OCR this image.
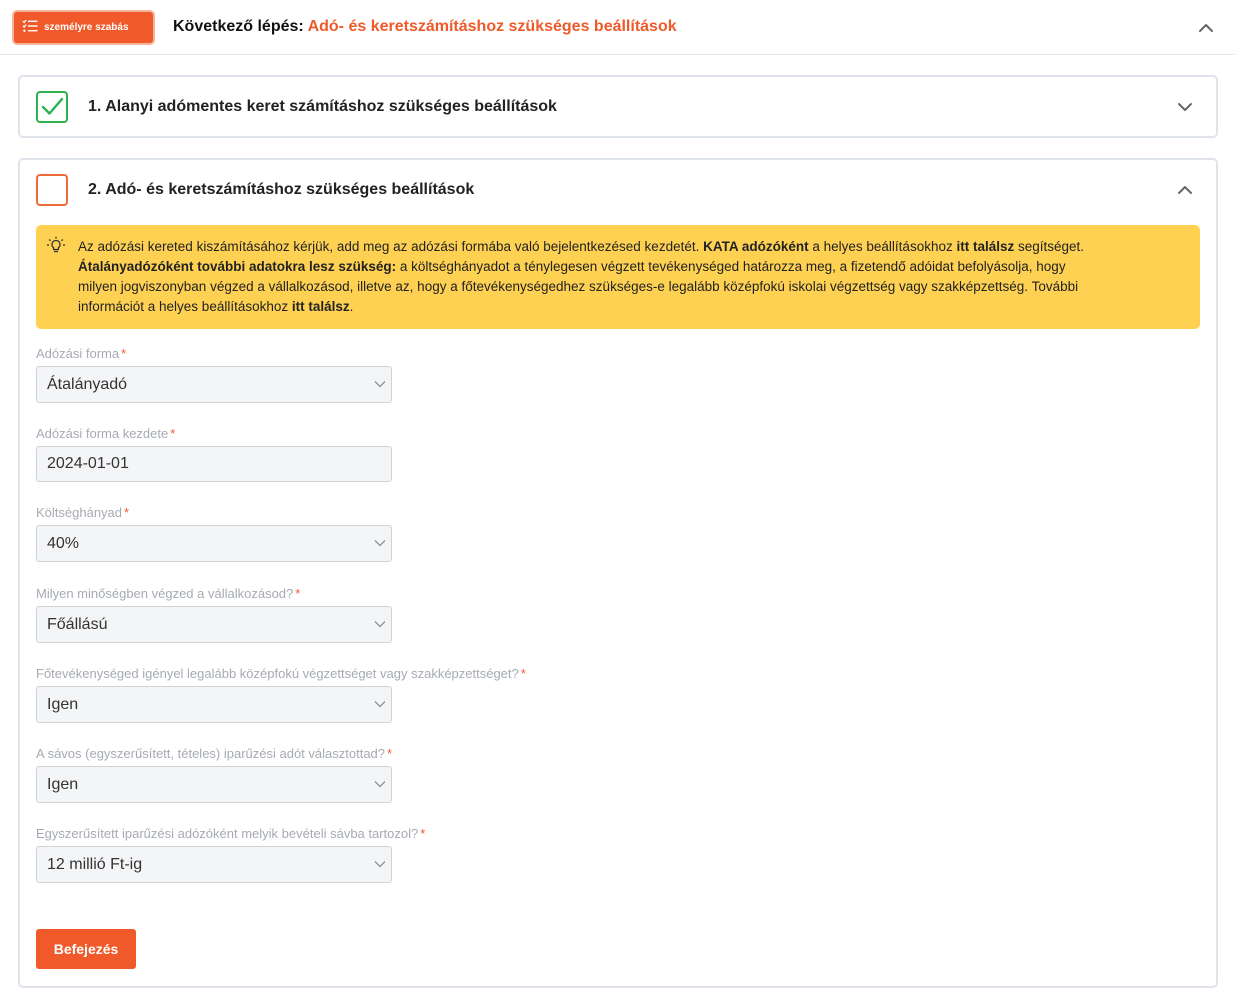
személyre szabás	Következő lépés: Adó- és keretszámításhoz szükséges beállítások
1. Alanyi adómentes keret számításhoz szükséges beállítások
2. Adó- és keretszámításhoz szükséges beállítások
Az adózási kereted kiszámításához kérjük, add meg az adózási formába való bejelentkezésed kezdetét. KATA adózóként a helyes beállításokhoz itt találsz segítséget.
Átalányadózóként további adatokra lesz szükség: a költséghányadot a ténylegesen végzett tevékenységed határozza meg, a fizetendő adóidat befolyásolja, hogy
milyen jogviszonyban végzed a vállalkozásod, illetve az, hogy a főtevékenységedhez szükséges-e legalább középfokú iskolai végzettség vagy szakképzettség. További
információt a helyes beállításokhoz itt találsz.
Adózási forma *
Átalányadó
Adózási forma kezdete *
2024-01-01
Költséghányad *
40%
Milyen minőségben végzed a vállalkozásod? *
Főállású
Főtevékenységed igényel legalább középfokú végzettséget vagy szakképzettséget? *
Igen
A sávos (egyszerűsített, tételes) iparűzési adót választottad? *
Igen
Egyszerűsített iparűzési adózóként melyik bevételi sávba tartozol? *
12 millió Ft-ig
Befejezés
